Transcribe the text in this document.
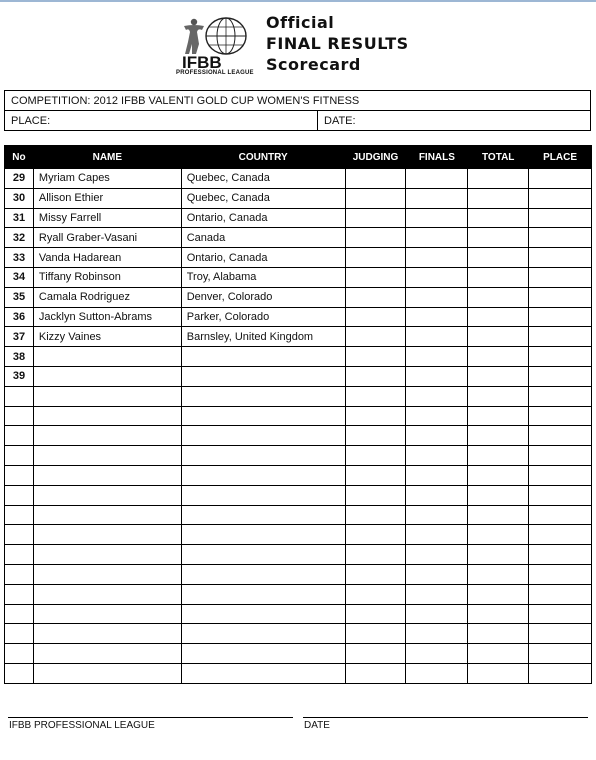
IFBB
PROFESSIONAL LEAGUE
Official
FINAL RESULTS
Scorecard
COMPETITION: 2012 IFBB VALENTI GOLD CUP WOMEN'S FITNESS
PLACE:	DATE:
No	NAME	COUNTRY	JUDGING	FINALS	TOTAL	PLACE
29	Myriam Capes	Quebec, Canada				
30	Allison Ethier	Quebec, Canada				
31	Missy Farrell	Ontario, Canada				
32	Ryall Graber-Vasani	Canada				
33	Vanda Hadarean	Ontario, Canada				
34	Tiffany Robinson	Troy, Alabama				
35	Camala Rodriguez	Denver, Colorado				
36	Jacklyn Sutton-Abrams	Parker, Colorado				
37	Kizzy Vaines	Barnsley, United Kingdom				
38						
39						

IFBB PROFESSIONAL LEAGUE	DATE
